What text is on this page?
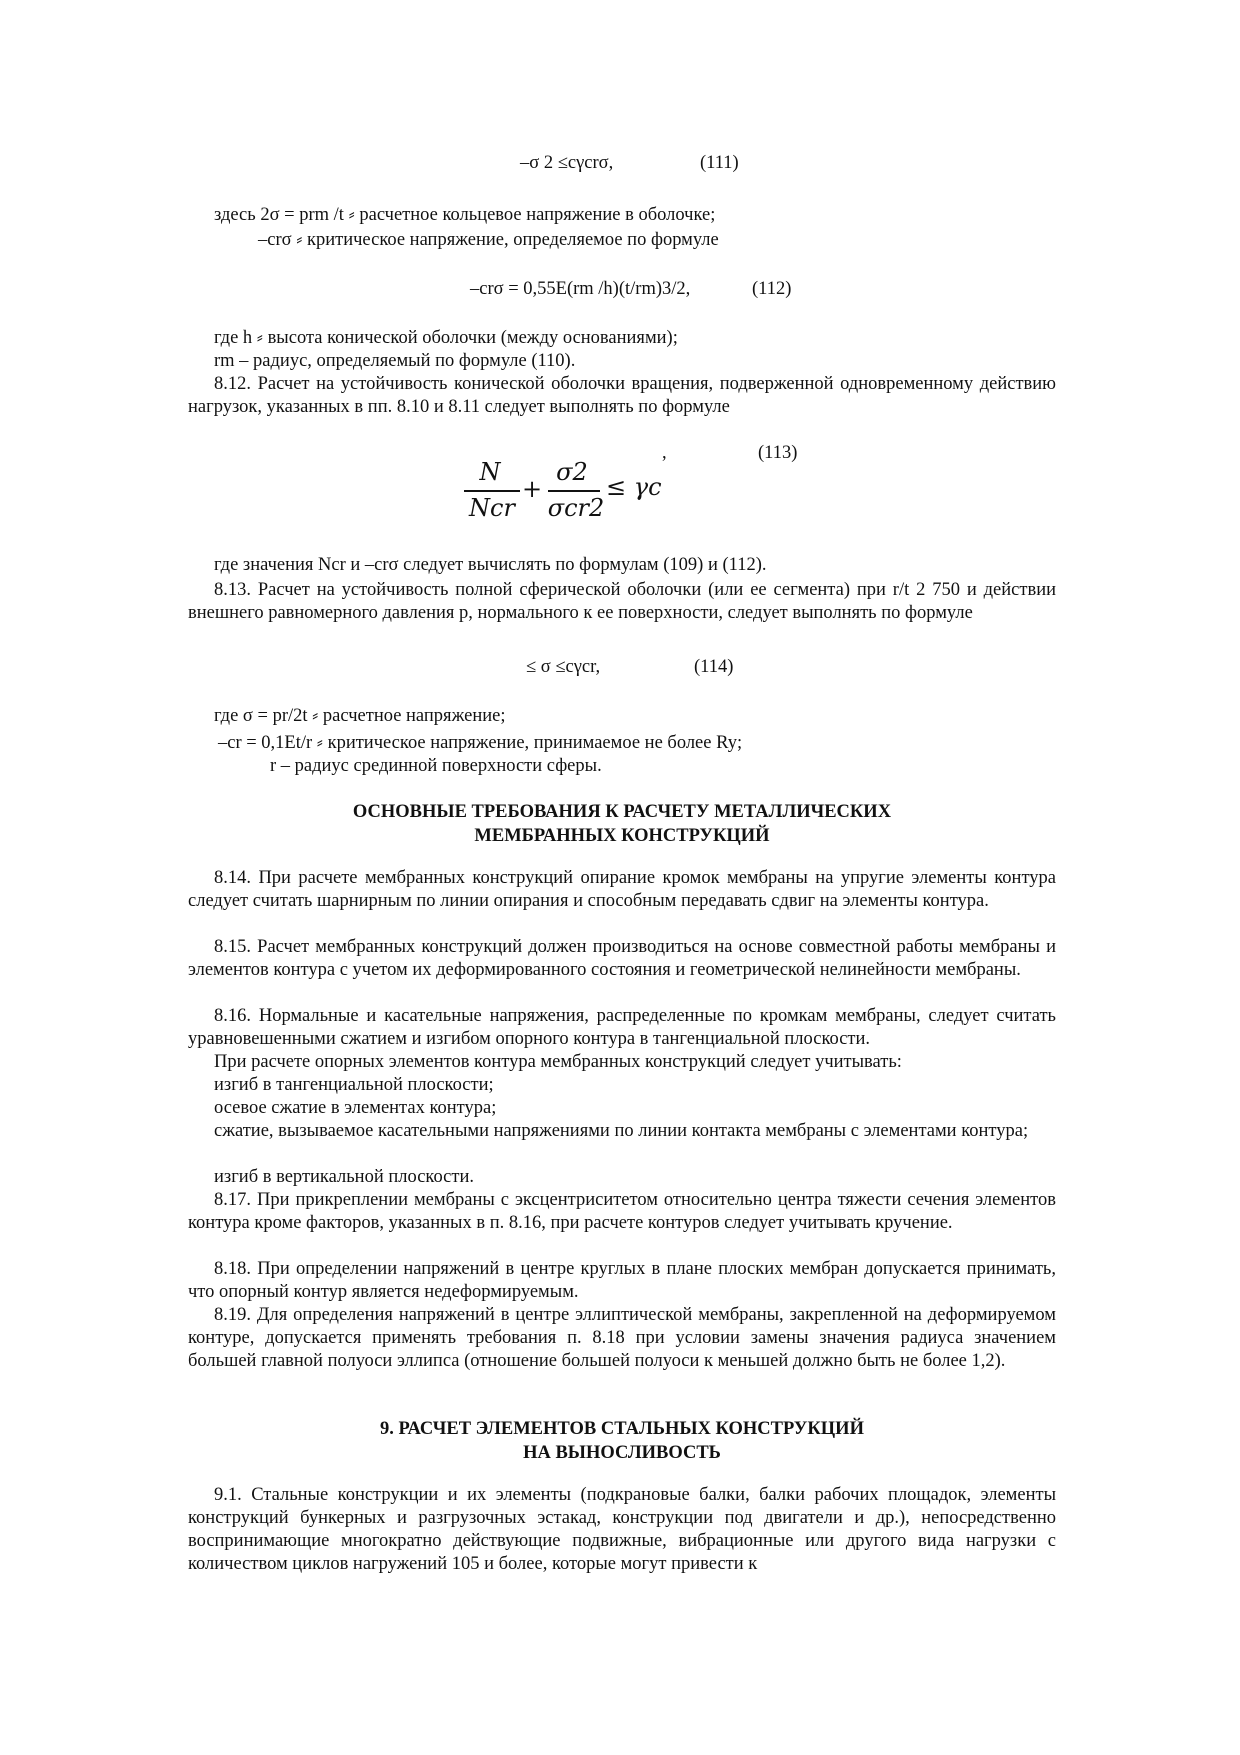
–σ 2 ≤cγcrσ,	(111)
здесь 2σ = prm /t ⸗ расчетное кольцевое напряжение в оболочке;
–crσ ⸗ критическое напряжение, определяемое по формуле
–crσ = 0,55E(rm /h)(t/rm)3/2,	(112)
где h ⸗ высота конической оболочки (между основаниями);
rm – радиус, определяемый по формуле (110).
8.12. Расчет на устойчивость конической оболочки вращения, подверженной одновременному действию нагрузок, указанных в пп. 8.10 и 8.11 следует выполнять по формуле
,	(113)
N
Ncr
+
σ2
σcr2
≤ γc
где значения Ncr и –crσ следует вычислять по формулам (109) и (112).
8.13. Расчет на устойчивость полной сферической оболочки (или ее сегмента) при r/t 2 750 и действии внешнего равномерного давления p, нормального к ее поверхности, следует выполнять по формуле
≤ σ ≤cγcr,	(114)
где σ = pr/2t ⸗ расчетное напряжение;
–cr = 0,1Et/r ⸗ критическое напряжение, принимаемое не более Ry;
r – радиус срединной поверхности сферы.
ОСНОВНЫЕ ТРЕБОВАНИЯ К РАСЧЕТУ МЕТАЛЛИЧЕСКИХ
МЕМБРАННЫХ КОНСТРУКЦИЙ
8.14. При расчете мембранных конструкций опирание кромок мембраны на упругие элементы контура следует считать шарнирным по линии опирания и способным передавать сдвиг на элементы контура.
8.15. Расчет мембранных конструкций должен производиться на основе совместной работы мембраны и элементов контура с учетом их деформированного состояния и геометрической нелинейности мембраны.
8.16. Нормальные и касательные напряжения, распределенные по кромкам мембраны, следует считать уравновешенными сжатием и изгибом опорного контура в тангенциальной плоскости.
При расчете опорных элементов контура мембранных конструкций следует учитывать:
изгиб в тангенциальной плоскости;
осевое сжатие в элементах контура;
сжатие, вызываемое касательными напряжениями по линии контакта мембраны с элементами контура;
изгиб в вертикальной плоскости.
8.17. При прикреплении мембраны с эксцентриситетом относительно центра тяжести сечения элементов контура кроме факторов, указанных в п. 8.16, при расчете контуров следует учитывать кручение.
8.18. При определении напряжений в центре круглых в плане плоских мембран допускается принимать, что опорный контур является недеформируемым.
8.19. Для определения напряжений в центре эллиптической мембраны, закрепленной на деформируемом контуре, допускается применять требования п. 8.18 при условии замены значения радиуса значением большей главной полуоси эллипса (отношение большей полуоси к меньшей должно быть не более 1,2).
9. РАСЧЕТ ЭЛЕМЕНТОВ СТАЛЬНЫХ КОНСТРУКЦИЙ
НА ВЫНОСЛИВОСТЬ
9.1. Стальные конструкции и их элементы (подкрановые балки, балки рабочих площадок, элементы конструкций бункерных и разгрузочных эстакад, конструкции под двигатели и др.), непосредственно воспринимающие многократно действующие подвижные, вибрационные или другого вида нагрузки с количеством циклов нагружений 105 и более, которые могут привести к
